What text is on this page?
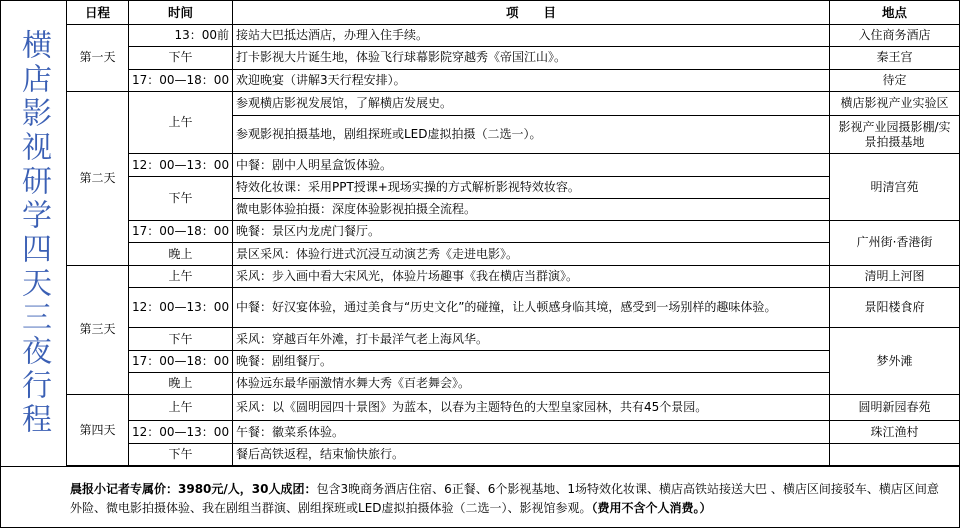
横店影视研学四天三夜行程
日程	时间	项　　目	地点
第一天	13：00前	接站大巴抵达酒店，办理入住手续。	入住商务酒店
	下午	打卡影视大片诞生地，体验飞行球幕影院穿越秀《帝国江山》。	秦王宫
	17：00—18：00	欢迎晚宴（讲解3天行程安排）。	待定
第二天	上午	参观横店影视发展馆，了解横店发展史。	横店影视产业实验区
		参观影视拍摄基地，剧组探班或LED虚拟拍摄（二选一）。	影视产业园摄影棚/实景拍摄基地
	12：00—13：00	中餐：剧中人明星盒饭体验。	明清宫苑
	下午	特效化妆课：采用PPT授课+现场实操的方式解析影视特效妆容。	
		微电影体验拍摄：深度体验影视拍摄全流程。	
	17：00—18：00	晚餐：景区内龙虎门餐厅。	广州街·香港街
	晚上	景区采风：体验行进式沉浸互动演艺秀《走进电影》。	
第三天	上午	采风：步入画中看大宋风光，体验片场趣事《我在横店当群演》。	清明上河图
	12：00—13：00	中餐：好汉宴体验，通过美食与“历史文化”的碰撞，让人顿感身临其境，感受到一场别样的趣味体验。	景阳楼食府
	下午	采风：穿越百年外滩，打卡最洋气老上海风华。	梦外滩
	17：00—18：00	晚餐：剧组餐厅。	
	晚上	体验远东最华丽激情水舞大秀《百老舞会》。	
第四天	上午	采风：以《圆明园四十景图》为蓝本，以春为主题特色的大型皇家园林，共有45个景园。	圆明新园春苑
	12：00—13：00	午餐：徽菜系体验。	珠江渔村
	下午	餐后高铁返程，结束愉快旅行。	
晨报小记者专属价：3980元/人，30人成团：包含3晚商务酒店住宿、6正餐、6个影视基地、1场特效化妆课、横店高铁站接送大巴 、横店区间接驳车、横店区间意外险、微电影拍摄体验、我在剧组当群演、剧组探班或LED虚拟拍摄体验（二选一）、影视馆参观。（费用不含个人消费。）
